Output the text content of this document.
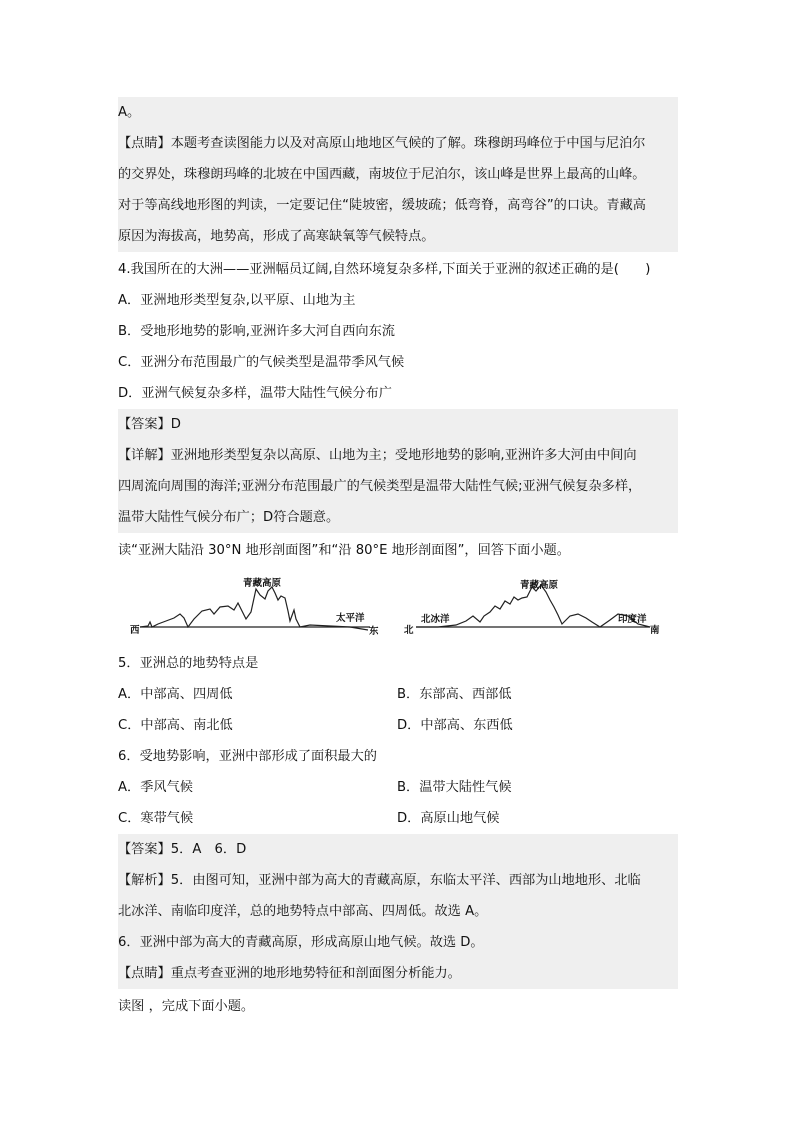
A。
【点睛】本题考查读图能力以及对高原山地地区气候的了解。珠穆朗玛峰位于中国与尼泊尔
的交界处，珠穆朗玛峰的北坡在中国西藏，南坡位于尼泊尔，该山峰是世界上最高的山峰。
对于等高线地形图的判读，一定要记住“陡坡密，缓坡疏；低弯脊，高弯谷”的口诀。青藏高
原因为海拔高，地势高，形成了高寒缺氧等气候特点。
4.我国所在的大洲——亚洲幅员辽阔,自然环境复杂多样,下面关于亚洲的叙述正确的是(　　)
A．亚洲地形类型复杂,以平原、山地为主
B．受地形地势的影响,亚洲许多大河自西向东流
C．亚洲分布范围最广的气候类型是温带季风气候
D．亚洲气候复杂多样，温带大陆性气候分布广
【答案】D
【详解】亚洲地形类型复杂以高原、山地为主；受地形地势的影响,亚洲许多大河由中间向
四周流向周围的海洋;亚洲分布范围最广的气候类型是温带大陆性气候;亚洲气候复杂多样，
温带大陆性气候分布广；D符合题意。
读“亚洲大陆沿 30°N 地形剖面图”和“沿 80°E 地形剖面图”，回答下面小题。
青藏高原
西
太平洋
东
青藏高原
北
北冰洋	印度洋
南
5．亚洲总的地势特点是
A．中部高、四周低	B．东部高、西部低
C．中部高、南北低	D．中部高、东西低
6．受地势影响，亚洲中部形成了面积最大的
A．季风气候	B．温带大陆性气候
C．寒带气候	D．高原山地气候
【答案】5．A　6．D
【解析】5．由图可知，亚洲中部为高大的青藏高原，东临太平洋、西部为山地地形、北临
北冰洋、南临印度洋，总的地势特点中部高、四周低。故选 A。
6．亚洲中部为高大的青藏高原，形成高原山地气候。故选 D。
【点睛】重点考查亚洲的地形地势特征和剖面图分析能力。
读图 ，完成下面小题。
